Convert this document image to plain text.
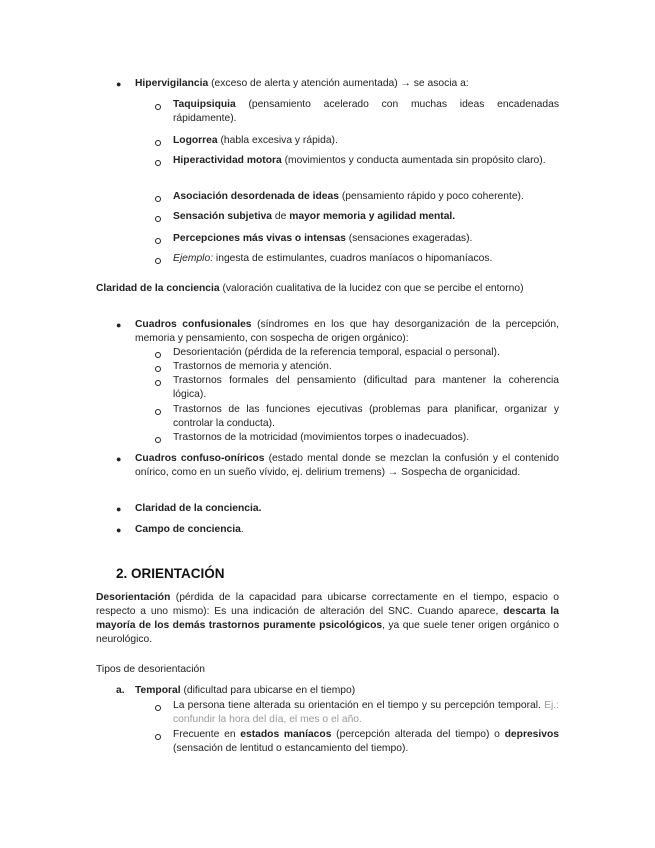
● Hipervigilancia (exceso de alerta y atención aumentada) → se asocia a:
Taquipsiquia (pensamiento acelerado con muchas ideas encadenadas rápidamente).
Logorrea (habla excesiva y rápida).
Hiperactividad motora (movimientos y conducta aumentada sin propósito claro).
Asociación desordenada de ideas (pensamiento rápido y poco coherente).
Sensación subjetiva de mayor memoria y agilidad mental.
Percepciones más vivas o intensas (sensaciones exageradas).
Ejemplo: ingesta de estimulantes, cuadros maníacos o hipomaníacos.
Claridad de la conciencia (valoración cualitativa de la lucidez con que se percibe el entorno)
● Cuadros confusionales (síndromes en los que hay desorganización de la percepción, memoria y pensamiento, con sospecha de origen orgánico):
Desorientación (pérdida de la referencia temporal, espacial o personal).
Trastornos de memoria y atención.
Trastornos formales del pensamiento (dificultad para mantener la coherencia lógica).
Trastornos de las funciones ejecutivas (problemas para planificar, organizar y controlar la conducta).
Trastornos de la motricidad (movimientos torpes o inadecuados).
● Cuadros confuso-oníricos (estado mental donde se mezclan la confusión y el contenido onírico, como en un sueño vívido, ej. delirium tremens) → Sospecha de organicidad.
● Claridad de la conciencia.
● Campo de conciencia.
2. ORIENTACIÓN
Desorientación (pérdida de la capacidad para ubicarse correctamente en el tiempo, espacio o respecto a uno mismo): Es una indicación de alteración del SNC. Cuando aparece, descarta la mayoría de los demás trastornos puramente psicológicos, ya que suele tener origen orgánico o neurológico.
Tipos de desorientación
a. Temporal (dificultad para ubicarse en el tiempo)
La persona tiene alterada su orientación en el tiempo y su percepción temporal. Ej.: confundir la hora del día, el mes o el año.
Frecuente en estados maníacos (percepción alterada del tiempo) o depresivos (sensación de lentitud o estancamiento del tiempo).
